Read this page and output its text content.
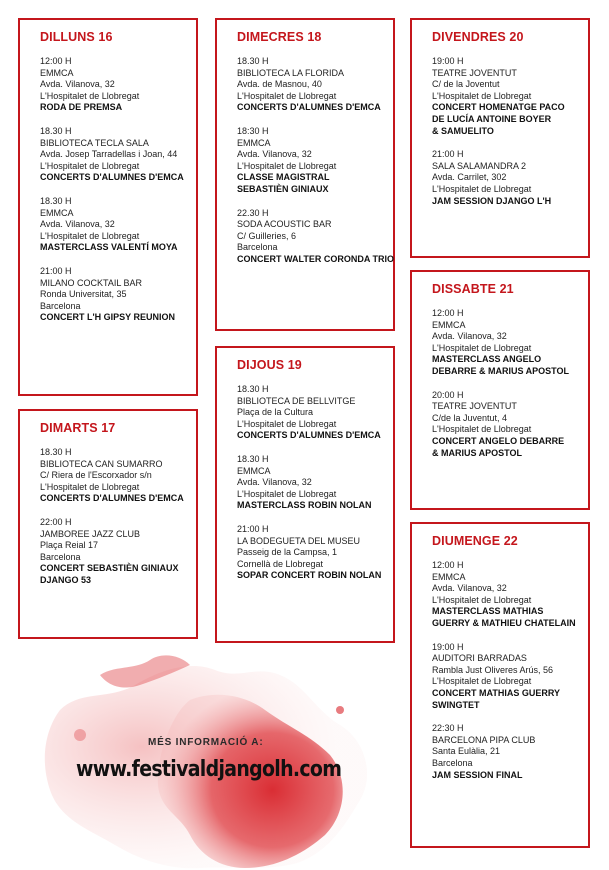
MÉS INFORMACIÓ A:
www.festivaldjangolh.com
DILLUNS 16
12:00 H
EMMCA
Avda. Vilanova, 32
L'Hospitalet de Llobregat
RODA DE PREMSA
18.30 H
BIBLIOTECA TECLA SALA
Avda. Josep Tarradellas i Joan, 44
L'Hospitalet de Llobregat
CONCERTS D'ALUMNES D'EMCA
18.30 H
EMMCA
Avda. Vilanova, 32
L'Hospitalet de Llobregat
MASTERCLASS VALENTÍ MOYA
21:00 H
MILANO COCKTAIL BAR
Ronda Universitat, 35
Barcelona
CONCERT L'H GIPSY REUNION
DIMARTS 17
18.30 H
BIBLIOTECA CAN SUMARRO
C/ Riera de l'Escorxador s/n
L'Hospitalet de Llobregat
CONCERTS D'ALUMNES D'EMCA
22:00 H
JAMBOREE JAZZ CLUB
Plaça Reial 17
Barcelona
CONCERT SEBASTIÈN GINIAUX
DJANGO 53
DIMECRES 18
18.30 H
BIBLIOTECA LA FLORIDA
Avda. de Masnou, 40
L'Hospitalet de Llobregat
CONCERTS D'ALUMNES D'EMCA
18:30 H
EMMCA
Avda. Vilanova, 32
L'Hospitalet de Llobregat
CLASSE MAGISTRAL
SEBASTIÈN GINIAUX
22.30 H
SODA ACOUSTIC BAR
C/ Guilleries, 6
Barcelona
CONCERT WALTER CORONDA TRIO
DIJOUS 19
18.30 H
BIBLIOTECA DE BELLVITGE
Plaça de la Cultura
L'Hospitalet de Llobregat
CONCERTS D'ALUMNES D'EMCA
18.30 H
EMMCA
Avda. Vilanova, 32
L'Hospitalet de Llobregat
MASTERCLASS ROBIN NOLAN
21:00 H
LA BODEGUETA DEL MUSEU
Passeig de la Campsa, 1
Cornellà de Llobregat
SOPAR CONCERT ROBIN NOLAN
DIVENDRES 20
19:00 H
TEATRE JOVENTUT
C/ de la Joventut
L'Hospitalet de Llobregat
CONCERT HOMENATGE PACO
DE LUCÍA ANTOINE BOYER
& SAMUELITO
21:00 H
SALA SALAMANDRA 2
Avda. Carrilet, 302
L'Hospitalet de Llobregat
JAM SESSION DJANGO L'H
DISSABTE 21
12:00 H
EMMCA
Avda. Vilanova, 32
L'Hospitalet de Llobregat
MASTERCLASS ANGELO
DEBARRE & MARIUS APOSTOL
20:00 H
TEATRE JOVENTUT
C/de la Juventut, 4
L'Hospitalet de Llobregat
CONCERT ANGELO DEBARRE
& MARIUS APOSTOL
DIUMENGE 22
12:00 H
EMMCA
Avda. Vilanova, 32
L'Hospitalet de Llobregat
MASTERCLASS MATHIAS
GUERRY & MATHIEU CHATELAIN
19:00 H
AUDITORI BARRADAS
Rambla Just Oliveres Arús, 56
L'Hospitalet de Llobregat
CONCERT MATHIAS GUERRY
SWINGTET
22:30 H
BARCELONA PIPA CLUB
Santa Eulàlia, 21
Barcelona
JAM SESSION FINAL
